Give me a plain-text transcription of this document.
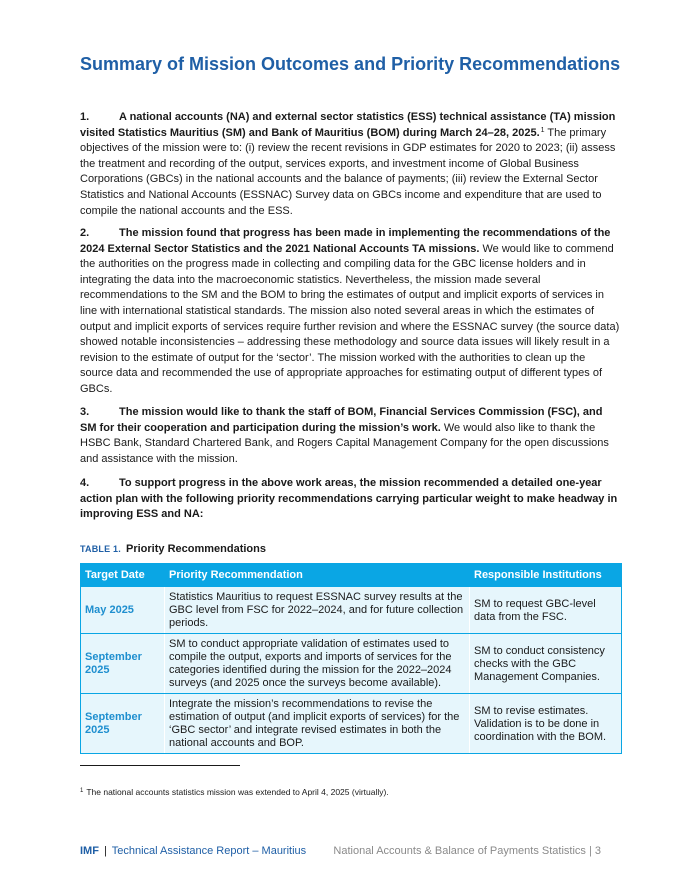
Summary of Mission Outcomes and Priority Recommendations

1.	A national accounts (NA) and external sector statistics (ESS) technical assistance (TA) mission visited Statistics Mauritius (SM) and Bank of Mauritius (BOM) during March 24–28, 2025.$^1$ The primary objectives of the mission were to: (i) review the recent revisions in GDP estimates for 2020 to 2023; (ii) assess the treatment and recording of the output, services exports, and investment income of Global Business Corporations (GBCs) in the national accounts and the balance of payments; (iii) review the External Sector Statistics and National Accounts (ESSNAC) Survey data on GBCs income and expenditure that are used to compile the national accounts and the ESS.

2.	The mission found that progress has been made in implementing the recommendations of the 2024 External Sector Statistics and the 2021 National Accounts TA missions. We would like to commend the authorities on the progress made in collecting and compiling data for the GBC license holders and in integrating the data into the macroeconomic statistics. Nevertheless, the mission made several recommendations to the SM and the BOM to bring the estimates of output and implicit exports of services in line with international statistical standards. The mission also noted several areas in which the estimates of output and implicit exports of services require further revision and where the ESSNAC survey (the source data) showed notable inconsistencies – addressing these methodology and source data issues will likely result in a revision to the estimate of output for the ‘sector’. The mission worked with the authorities to clean up the source data and recommended the use of appropriate approaches for estimating output of different types of GBCs.

3.	The mission would like to thank the staff of BOM, Financial Services Commission (FSC), and SM for their cooperation and participation during the mission’s work. We would also like to thank the HSBC Bank, Standard Chartered Bank, and Rogers Capital Management Company for the open discussions and assistance with the mission.

4.	To support progress in the above work areas, the mission recommended a detailed one-year action plan with the following priority recommendations carrying particular weight to make headway in improving ESS and NA:

TABLE 1. Priority Recommendations
Target Date	Priority Recommendation	Responsible Institutions
May 2025	Statistics Mauritius to request ESSNAC survey results at the GBC level from FSC for 2022–2024, and for future collection periods.	SM to request GBC-level data from the FSC.
September 2025	SM to conduct appropriate validation of estimates used to compile the output, exports and imports of services for the categories identified during the mission for the 2022–2024 surveys (and 2025 once the surveys become available).	SM to conduct consistency checks with the GBC Management Companies.
September 2025	Integrate the mission’s recommendations to revise the estimation of output (and implicit exports of services) for the ‘GBC sector’ and integrate revised estimates in both the national accounts and BOP.	SM to revise estimates. Validation is to be done in coordination with the BOM.
$^1$ The national accounts statistics mission was extended to April 4, 2025 (virtually).
IMF | Technical Assistance Report – Mauritius National Accounts & Balance of Payments Statistics | 3
